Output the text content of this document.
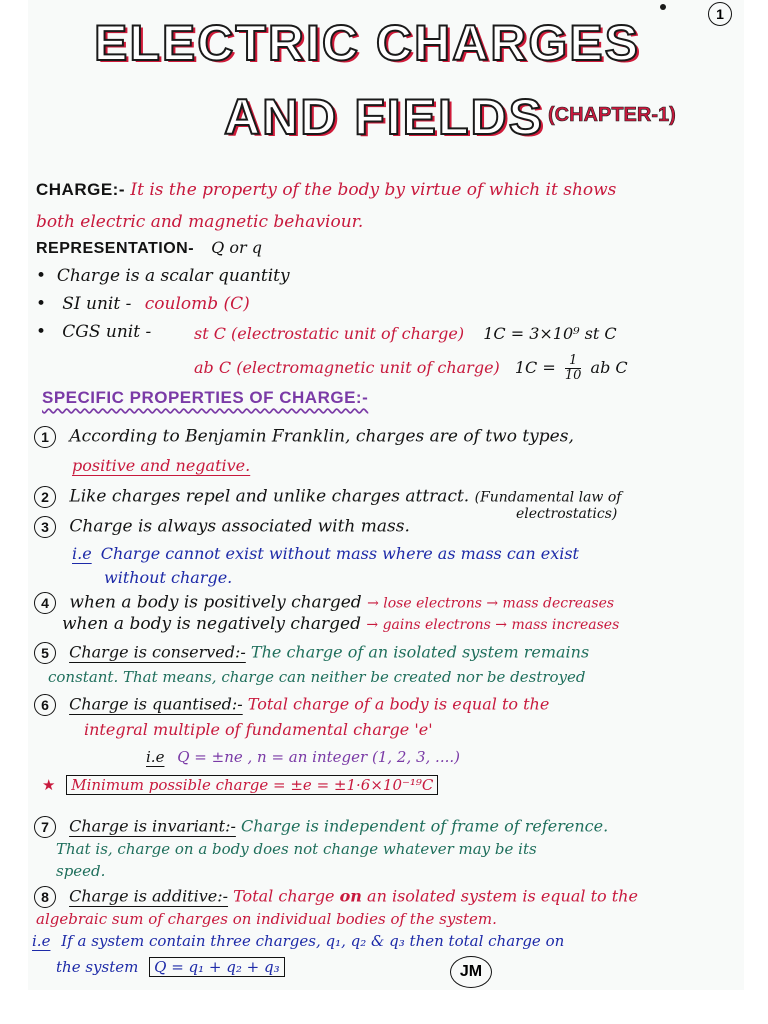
1
ELECTRIC CHARGES
AND FIELDS (CHAPTER-1)
CHARGE:- It is the property of the body by virtue of which it shows
both electric and magnetic behaviour.
REPRESENTATION- Q or q
•  Charge is a scalar quantity
•   SI unit - coulomb (C)
•   CGS unit -	st C (electrostatic unit of charge) 1C = 3×10⁹ st C
ab C (electromagnetic unit of charge) $1C = \frac{1}{10}$ ab C
SPECIFIC PROPERTIES OF CHARGE:-
1 According to Benjamin Franklin, charges are of two types,
positive and negative.
2 Like charges repel and unlike charges attract. (Fundamental law of
electrostatics)
3 Charge is always associated with mass.
i.e Charge cannot exist without mass where as mass can exist
without charge.
4 when a body is positively charged → lose electrons → mass decreases
when a body is negatively charged → gains electrons → mass increases
5 Charge is conserved:- The charge of an isolated system remains
constant. That means, charge can neither be created nor be destroyed
6 Charge is quantised:- Total charge of a body is equal to the
integral multiple of fundamental charge 'e'
i.e Q = ±ne , n = an integer (1, 2, 3, ....)
★ Minimum possible charge = ±e = ±1·6×10⁻¹⁹C
7 Charge is invariant:- Charge is independent of frame of reference.
That is, charge on a body does not change whatever may be its
speed.
8 Charge is additive:- Total charge on an isolated system is equal to the
algebraic sum of charges on individual bodies of the system.
i.e If a system contain three charges, q₁, q₂ & q₃ then total charge on
the system Q = q₁ + q₂ + q₃	JM
